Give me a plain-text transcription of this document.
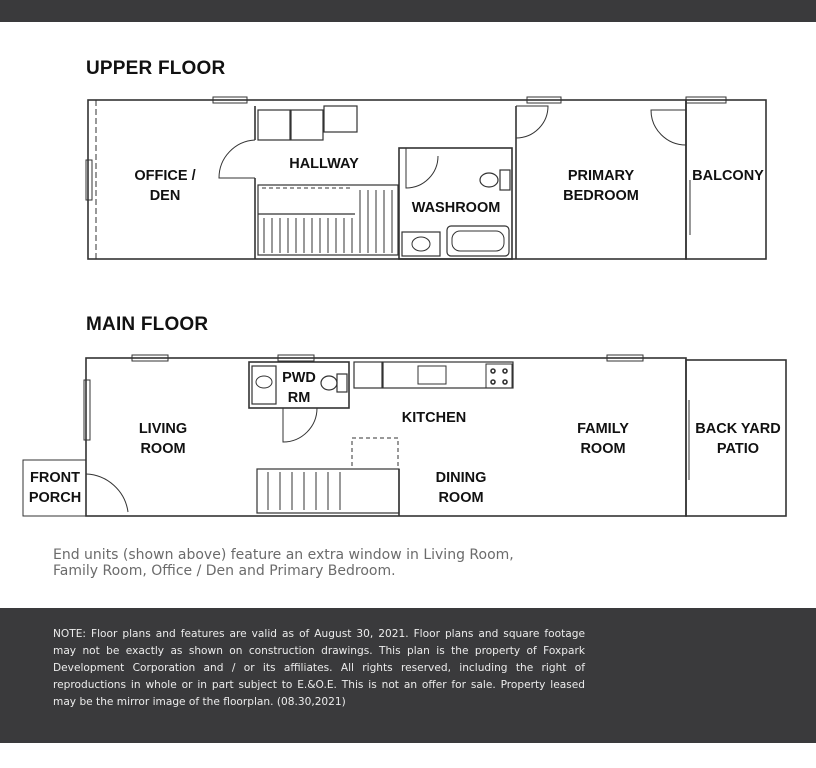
UPPER FLOOR
MAIN FLOOR
OFFICE /
DEN
HALLWAY
WASHROOM
PRIMARY
BEDROOM
BALCONY
FRONT
PORCH
LIVING
ROOM
PWD
RM
KITCHEN
DINING
ROOM
FAMILY
ROOM
BACK YARD
PATIO
End units (shown above) feature an extra window in Living Room,
Family Room, Office / Den and Primary Bedroom.
NOTE: Floor plans and features are valid as of August 30, 2021. Floor plans and square footage may not be exactly as shown on construction drawings. This plan is the property of Foxpark Development Corporation and / or its affiliates. All rights reserved, including the right of reproductions in whole or in part subject to E.&O.E. This is not an offer for sale. Property leased may be the mirror image of the floorplan. (08.30,2021)
